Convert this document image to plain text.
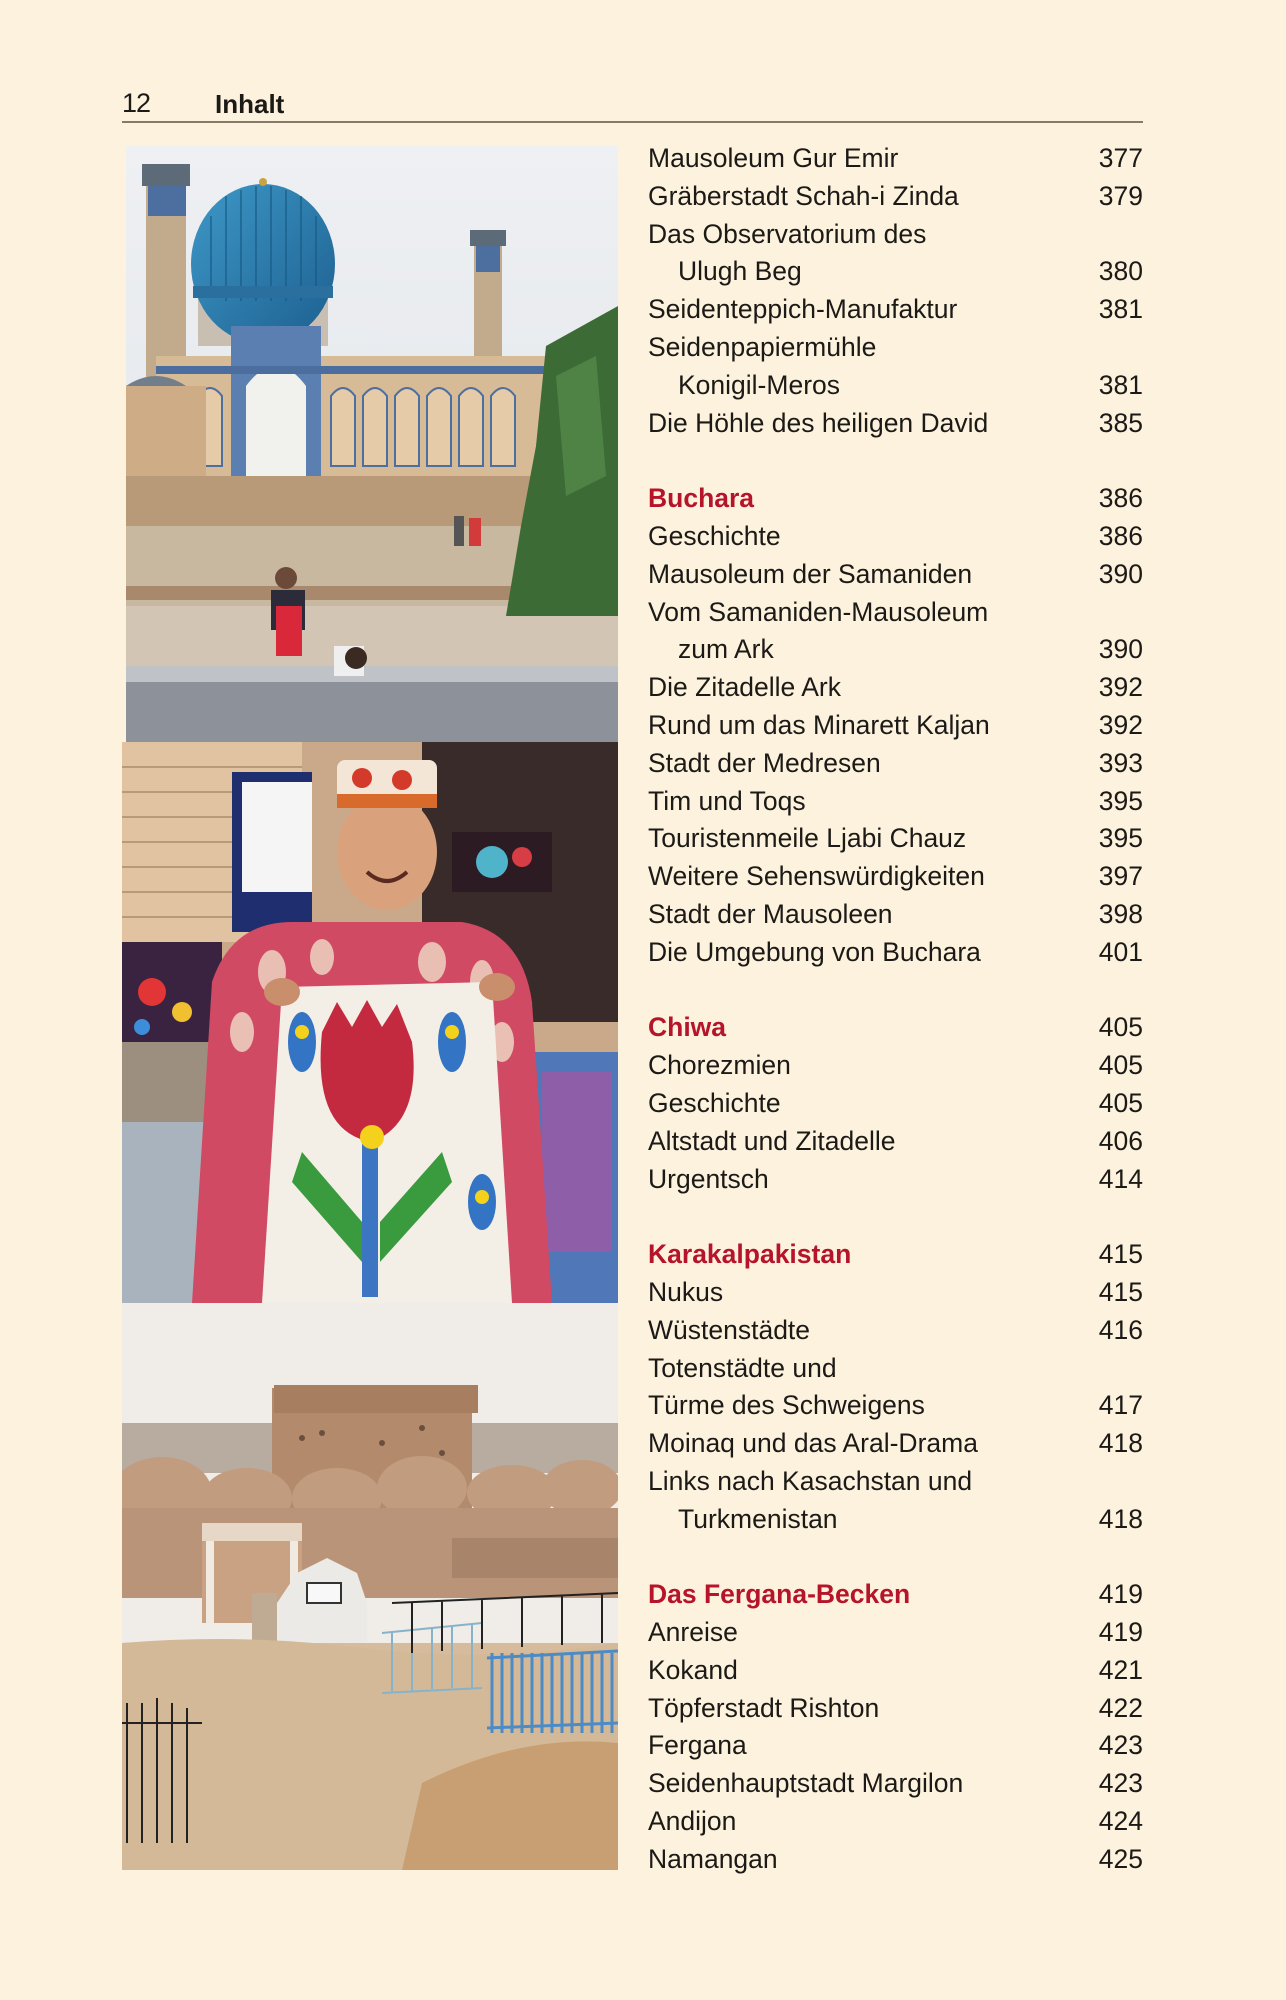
12 Inhalt
Mausoleum Gur Emir	377
Gräberstadt Schah-i Zinda	379
Das Observatorium des
Ulugh Beg	380
Seidenteppich-Manufaktur	381
Seidenpapiermühle
Konigil-Meros	381
Die Höhle des heiligen David	385
Buchara	386
Geschichte	386
Mausoleum der Samaniden	390
Vom Samaniden-Mausoleum
zum Ark	390
Die Zitadelle Ark	392
Rund um das Minarett Kaljan	392
Stadt der Medresen	393
Tim und Toqs	395
Touristenmeile Ljabi Chauz	395
Weitere Sehenswürdigkeiten	397
Stadt der Mausoleen	398
Die Umgebung von Buchara	401
Chiwa	405
Chorezmien	405
Geschichte	405
Altstadt und Zitadelle	406
Urgentsch	414
Karakalpakistan	415
Nukus	415
Wüstenstädte	416
Totenstädte und
Türme des Schweigens	417
Moinaq und das Aral-Drama	418
Links nach Kasachstan und
Turkmenistan	418
Das Fergana-Becken	419
Anreise	419
Kokand	421
Töpferstadt Rishton	422
Fergana	423
Seidenhauptstadt Margilon	423
Andijon	424
Namangan	425
